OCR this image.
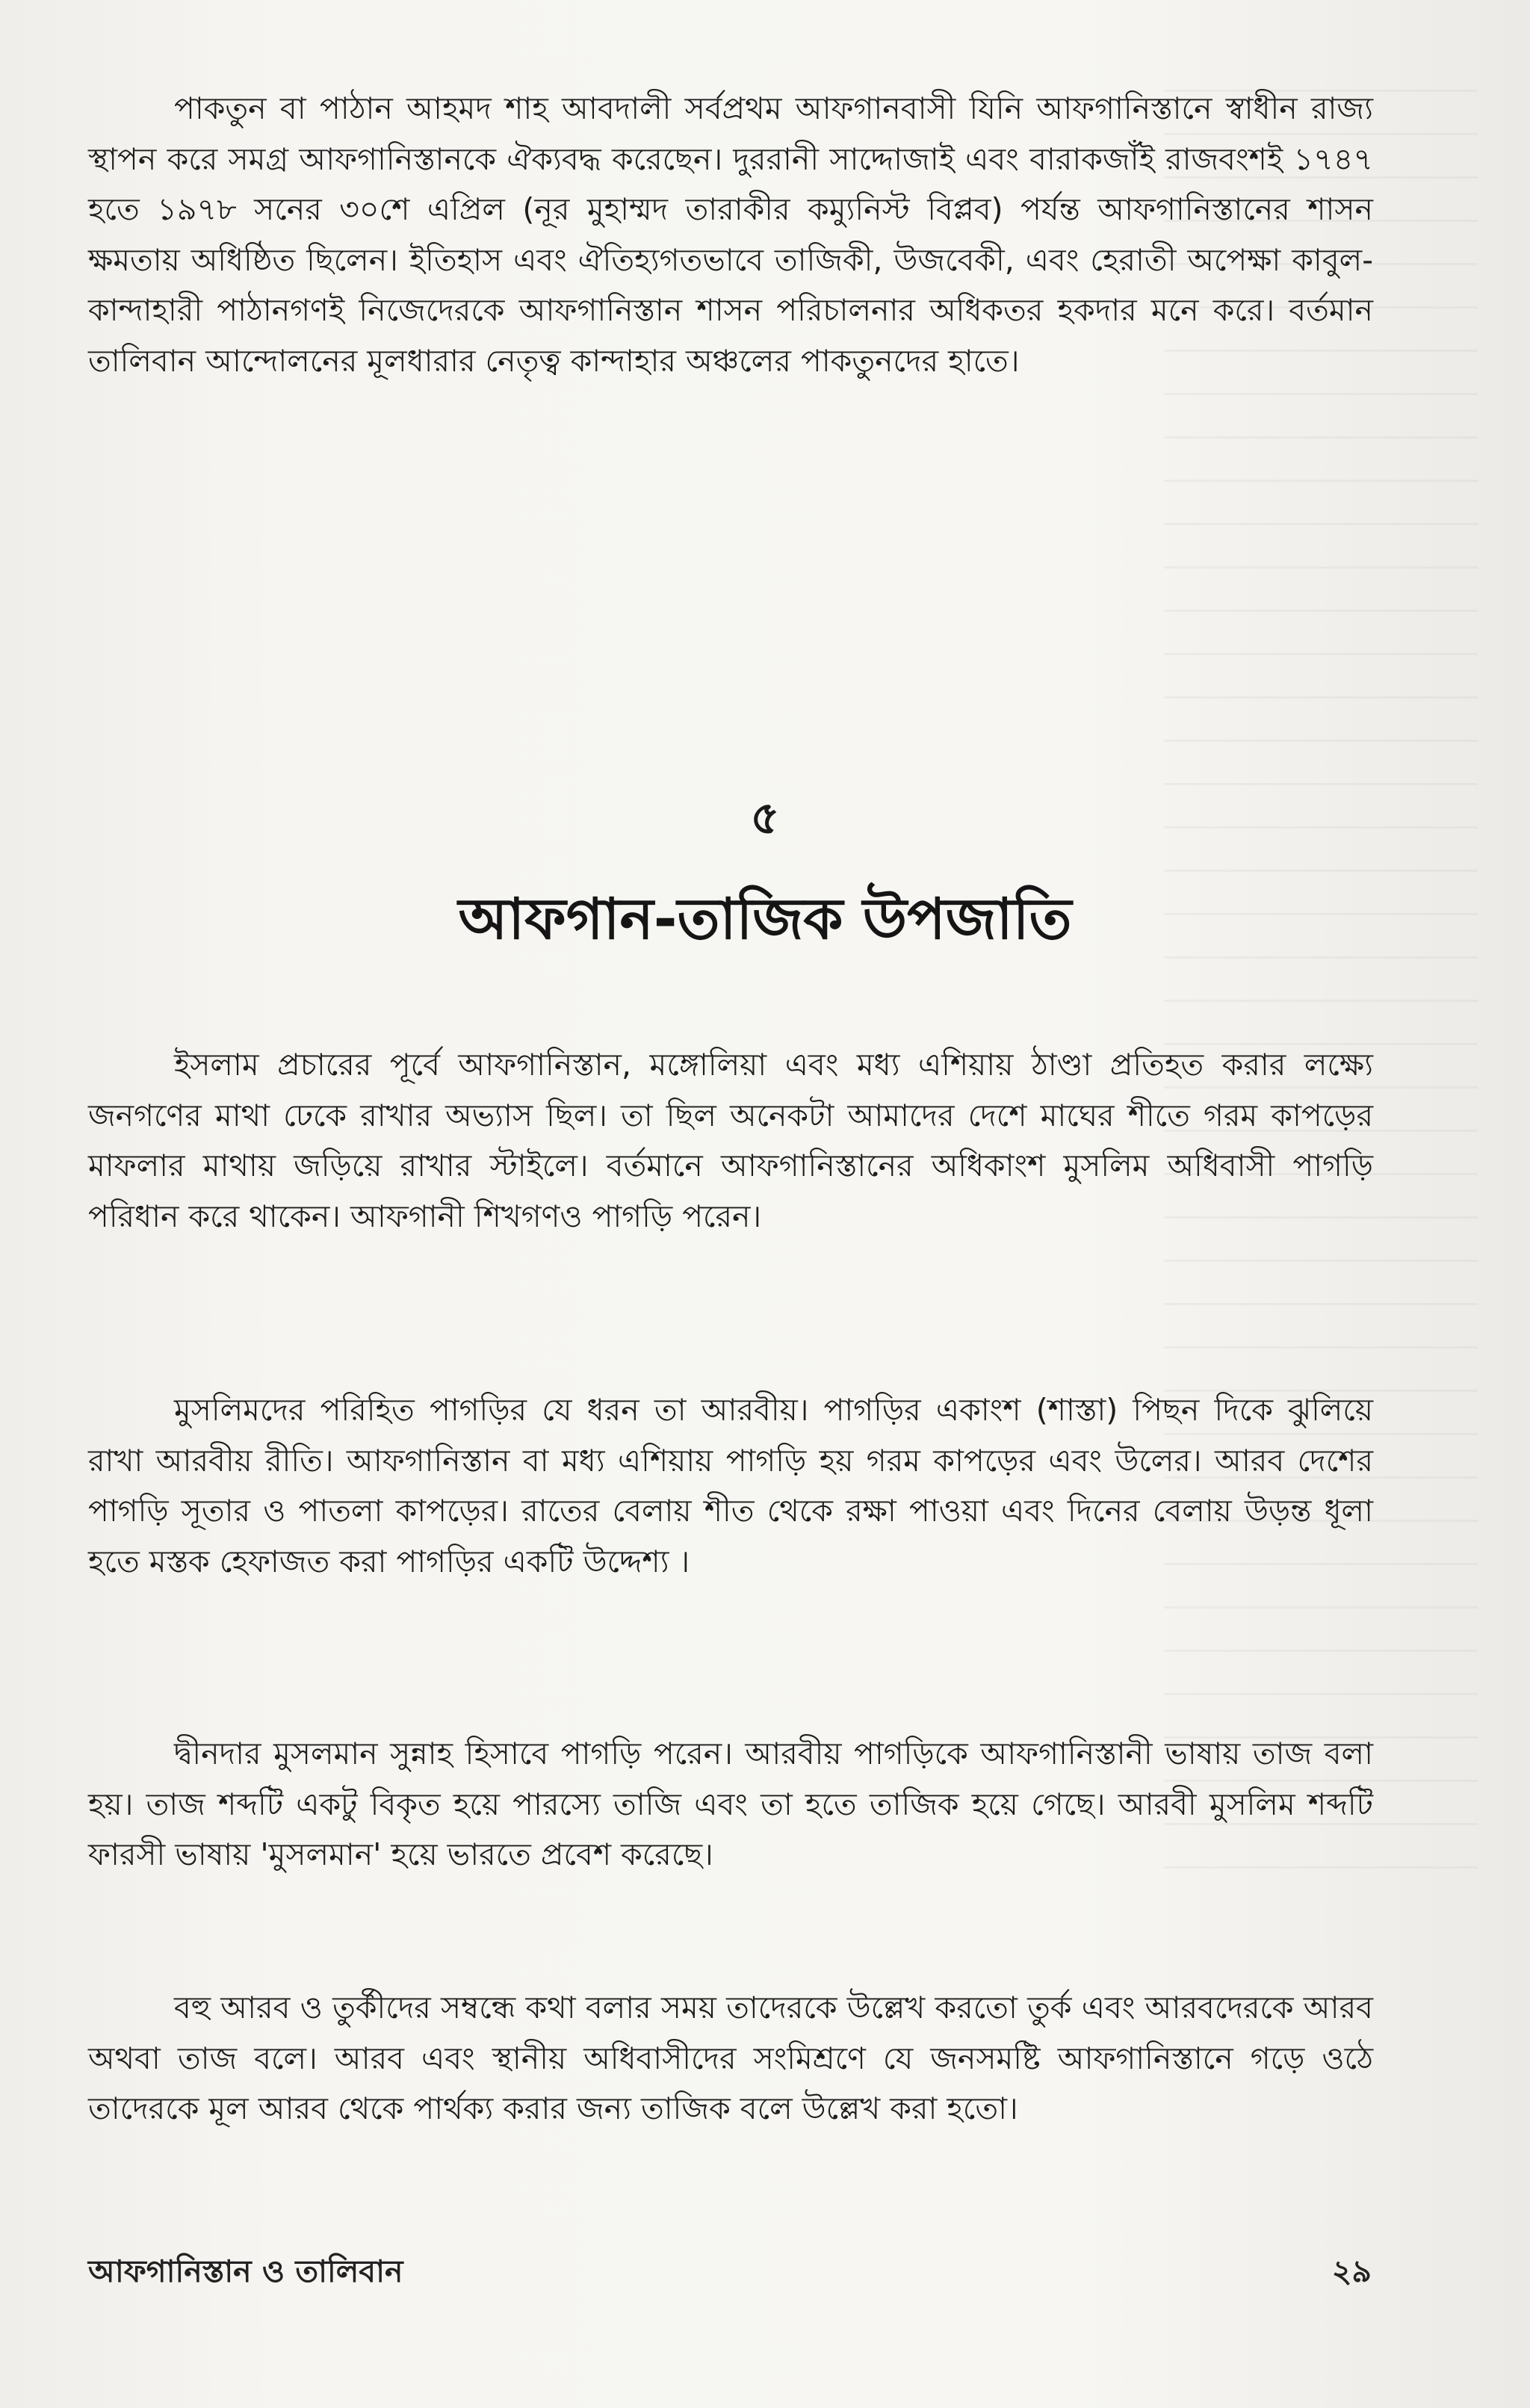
পাকতুন বা পাঠান আহমদ শাহ আবদালী সর্বপ্রথম আফগানবাসী যিনি আফগানিস্তানে স্বাধীন রাজ্য স্থাপন করে সমগ্র আফগানিস্তানকে ঐক্যবদ্ধ করেছেন। দুররানী সাদ্দোজাই এবং বারাকজাঁই রাজবংশই ১৭৪৭ হতে ১৯৭৮ সনের ৩০শে এপ্রিল (নূর মুহাম্মদ তারাকীর কম্যুনিস্ট বিপ্লব) পর্যন্ত আফগানিস্তানের শাসন ক্ষমতায় অধিষ্ঠিত ছিলেন। ইতিহাস এবং ঐতিহ্যগতভাবে তাজিকী, উজবেকী, এবং হেরাতী অপেক্ষা কাবুল-কান্দাহারী পাঠানগণই নিজেদেরকে আফগানিস্তান শাসন পরিচালনার অধিকতর হকদার মনে করে। বর্তমান তালিবান আন্দোলনের মূলধারার নেতৃত্ব কান্দাহার অঞ্চলের পাকতুনদের হাতে।

৫
আফগান-তাজিক উপজাতি

ইসলাম প্রচারের পূর্বে আফগানিস্তান, মঙ্গোলিয়া এবং মধ্য এশিয়ায় ঠাণ্ডা প্রতিহত করার লক্ষ্যে জনগণের মাথা ঢেকে রাখার অভ্যাস ছিল। তা ছিল অনেকটা আমাদের দেশে মাঘের শীতে গরম কাপড়ের মাফলার মাথায় জড়িয়ে রাখার স্টাইলে। বর্তমানে আফগানিস্তানের অধিকাংশ মুসলিম অধিবাসী পাগড়ি পরিধান করে থাকেন। আফগানী শিখগণও পাগড়ি পরেন।

মুসলিমদের পরিহিত পাগড়ির যে ধরন তা আরবীয়। পাগড়ির একাংশ (শাস্তা) পিছন দিকে ঝুলিয়ে রাখা আরবীয় রীতি। আফগানিস্তান বা মধ্য এশিয়ায় পাগড়ি হয় গরম কাপড়ের এবং উলের। আরব দেশের পাগড়ি সূতার ও পাতলা কাপড়ের। রাতের বেলায় শীত থেকে রক্ষা পাওয়া এবং দিনের বেলায় উড়ন্ত ধূলা হতে মস্তক হেফাজত করা পাগড়ির একটি উদ্দেশ্য ।

দ্বীনদার মুসলমান সুন্নাহ হিসাবে পাগড়ি পরেন। আরবীয় পাগড়িকে আফগানিস্তানী ভাষায় তাজ বলা হয়। তাজ শব্দটি একটু বিকৃত হয়ে পারস্যে তাজি এবং তা হতে তাজিক হয়ে গেছে। আরবী মুসলিম শব্দটি ফারসী ভাষায় 'মুসলমান' হয়ে ভারতে প্রবেশ করেছে।

বহু আরব ও তুর্কীদের সম্বন্ধে কথা বলার সময় তাদেরকে উল্লেখ করতো তুর্ক এবং আরবদেরকে আরব অথবা তাজ বলে। আরব এবং স্থানীয় অধিবাসীদের সংমিশ্রণে যে জনসমষ্টি আফগানিস্তানে গড়ে ওঠে তাদেরকে মূল আরব থেকে পার্থক্য করার জন্য তাজিক বলে উল্লেখ করা হতো।

আফগানিস্তান ও তালিবান	২৯
